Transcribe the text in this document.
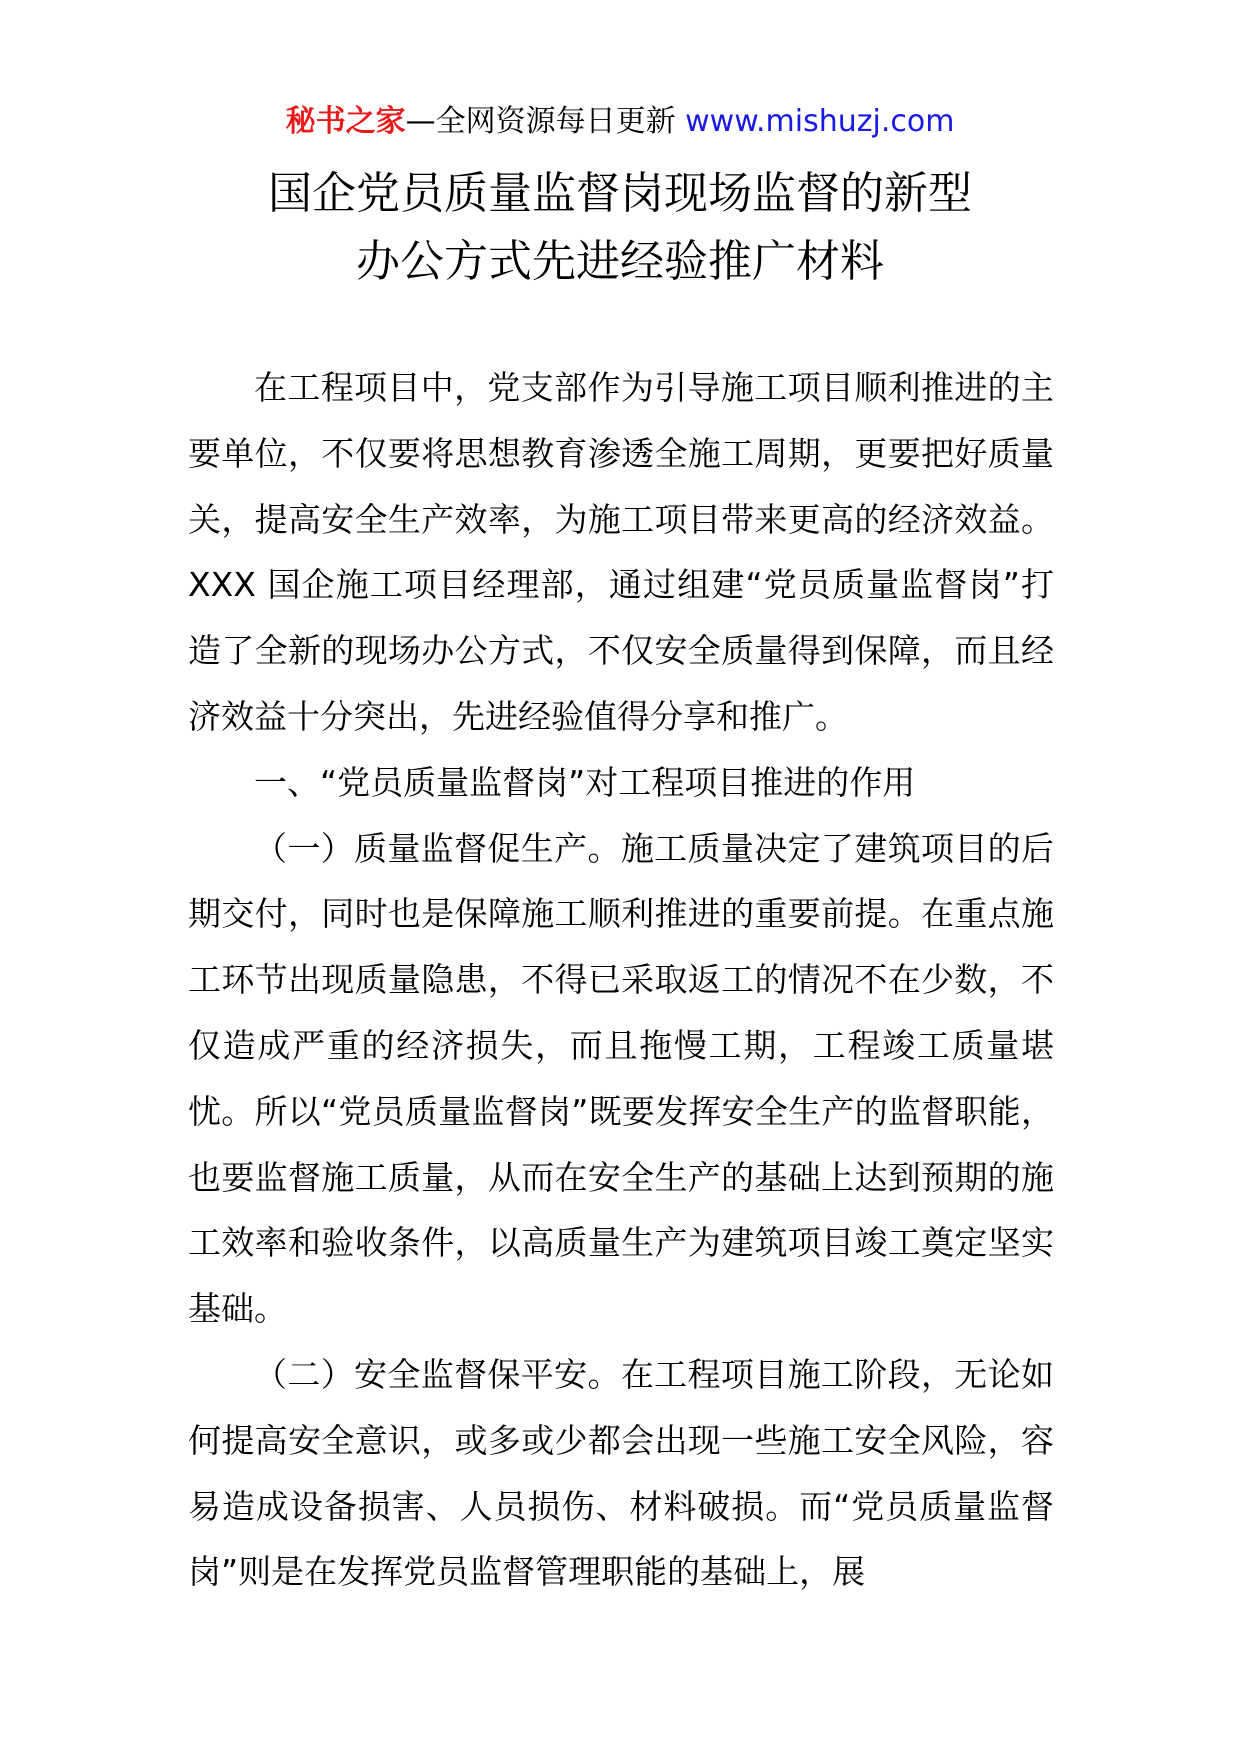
秘书之家—全网资源每日更新 www.mishuzj.com
国企党员质量监督岗现场监督的新型
办公方式先进经验推广材料

在工程项目中，党支部作为引导施工项目顺利推进的主要单位，不仅要将思想教育渗透全施工周期，更要把好质量关，提高安全生产效率，为施工项目带来更高的经济效益。XXX 国企施工项目经理部，通过组建“党员质量监督岗”打造了全新的现场办公方式，不仅安全质量得到保障，而且经济效益十分突出，先进经验值得分享和推广。

一、“党员质量监督岗”对工程项目推进的作用

（一）质量监督促生产。施工质量决定了建筑项目的后期交付，同时也是保障施工顺利推进的重要前提。在重点施工环节出现质量隐患，不得已采取返工的情况不在少数，不仅造成严重的经济损失，而且拖慢工期，工程竣工质量堪忧。所以“党员质量监督岗”既要发挥安全生产的监督职能，也要监督施工质量，从而在安全生产的基础上达到预期的施工效率和验收条件，以高质量生产为建筑项目竣工奠定坚实基础。

（二）安全监督保平安。在工程项目施工阶段，无论如何提高安全意识，或多或少都会出现一些施工安全风险，容易造成设备损害、人员损伤、材料破损。而“党员质量监督岗”则是在发挥党员监督管理职能的基础上，展
